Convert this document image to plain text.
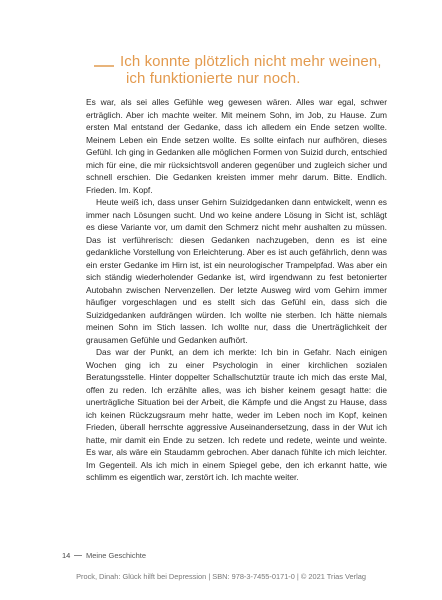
Ich konnte plötzlich nicht mehr weinen,
ich funktionierte nur noch.

Es war, als sei alles Gefühle weg gewesen wären. Alles war egal, schwer erträglich. Aber ich machte weiter. Mit meinem Sohn, im Job, zu Hause. Zum ersten Mal entstand der Gedanke, dass ich alledem ein Ende setzen wollte. Meinem Leben ein Ende setzen wollte. Es sollte einfach nur aufhören, dieses Gefühl. Ich ging in Gedanken alle möglichen Formen von Suizid durch, entschied mich für eine, die mir rücksichtsvoll anderen gegenüber und zugleich sicher und schnell erschien. Die Gedanken kreisten immer mehr darum. Bitte. Endlich. Frieden. Im. Kopf.

Heute weiß ich, dass unser Gehirn Suizidgedanken dann entwickelt, wenn es immer nach Lösungen sucht. Und wo keine andere Lösung in Sicht ist, schlägt es diese Variante vor, um damit den Schmerz nicht mehr aushalten zu müssen. Das ist verführerisch: diesen Gedanken nachzugeben, denn es ist eine gedankliche Vorstellung von Erleichterung. Aber es ist auch gefährlich, denn was ein erster Gedanke im Hirn ist, ist ein neurologischer Trampelpfad. Was aber ein sich ständig wiederholender Gedanke ist, wird irgendwann zu fest betonierter Autobahn zwischen Nervenzellen. Der letzte Ausweg wird vom Gehirn immer häufiger vorgeschlagen und es stellt sich das Gefühl ein, dass sich die Suizidgedanken aufdrängen würden. Ich wollte nie sterben. Ich hätte niemals meinen Sohn im Stich lassen. Ich wollte nur, dass die Unerträglichkeit der grausamen Gefühle und Gedanken aufhört.

Das war der Punkt, an dem ich merkte: Ich bin in Gefahr. Nach einigen Wochen ging ich zu einer Psychologin in einer kirchlichen sozialen Beratungsstelle. Hinter doppelter Schallschutztür traute ich mich das erste Mal, offen zu reden. Ich erzählte alles, was ich bisher keinem gesagt hatte: die unerträgliche Situation bei der Arbeit, die Kämpfe und die Angst zu Hause, dass ich keinen Rückzugsraum mehr hatte, weder im Leben noch im Kopf, keinen Frieden, überall herrschte aggressive Auseinandersetzung, dass in der Wut ich hatte, mir damit ein Ende zu setzen. Ich redete und redete, weinte und weinte. Es war, als wäre ein Staudamm gebrochen. Aber danach fühlte ich mich leichter. Im Gegenteil. Als ich mich in einem Spiegel gebe, den ich erkannt hatte, wie schlimm es eigentlich war, zerstört ich. Ich machte weiter.

14 Meine Geschichte
Prock, Dinah: Glück hilft bei Depression | SBN: 978-3-7455-0171-0 | © 2021 Trias Verlag
